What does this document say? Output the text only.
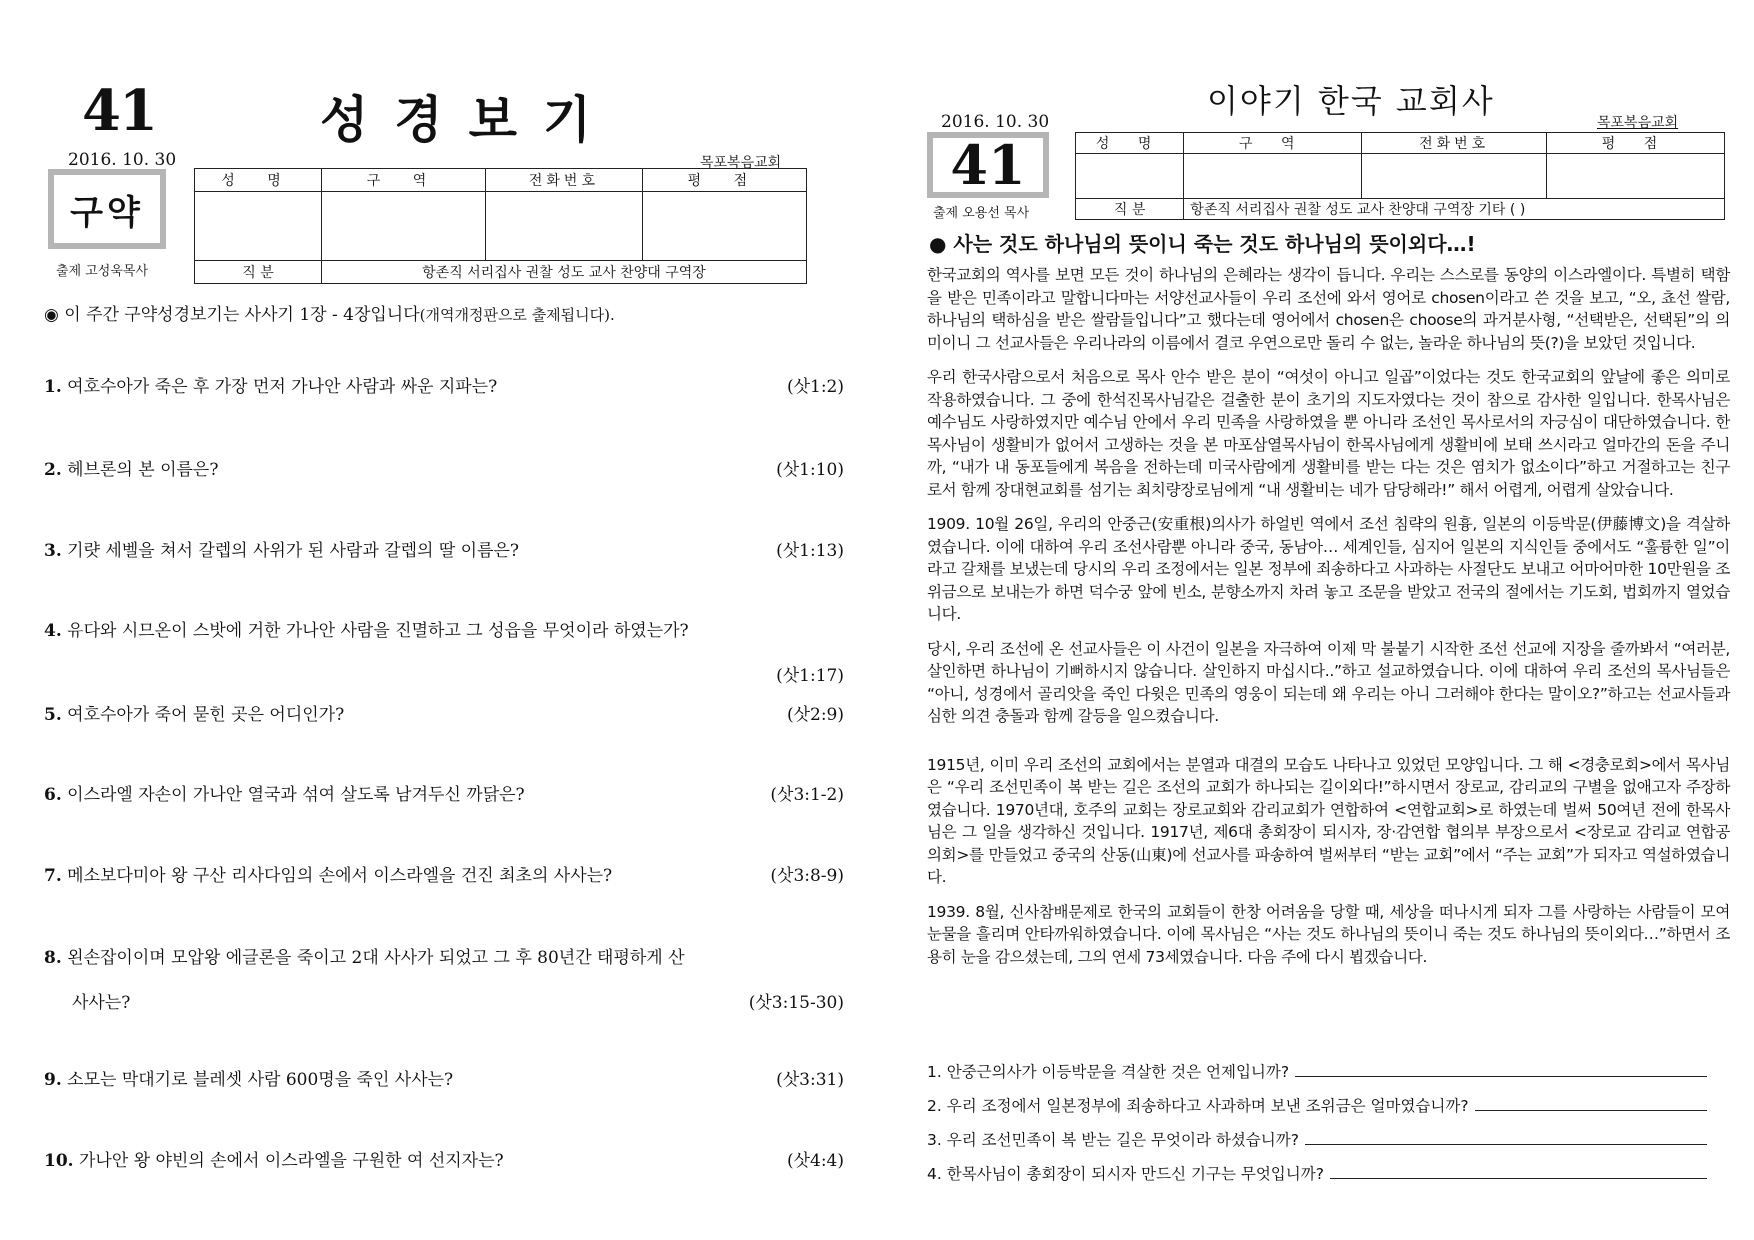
41	성경보기
2016. 10. 30	목포복음교회
구약
출제 고성욱목사
성 명	구 역	전화번호	평 점

직 분	항존직 서리집사 권찰 성도 교사 찬양대 구역장		
◉ 이 주간 구약성경보기는 사사기 1장 - 4장입니다(개역개정판으로 출제됩니다).
1. 여호수아가 죽은 후 가장 먼저 가나안 사람과 싸운 지파는?	(삿1:2)
2. 헤브론의 본 이름은?	(삿1:10)
3. 기럇 세벨을 쳐서 갈렙의 사위가 된 사람과 갈렙의 딸 이름은?	(삿1:13)
4. 유다와 시므온이 스밧에 거한 가나안 사람을 진멸하고 그 성읍을 무엇이라 하였는가?
(삿1:17)
5. 여호수아가 죽어 묻힌 곳은 어디인가?	(삿2:9)
6. 이스라엘 자손이 가나안 열국과 섞여 살도록 남겨두신 까닭은?	(삿3:1-2)
7. 메소보다미아 왕 구산 리사다임의 손에서 이스라엘을 건진 최초의 사사는?	(삿3:8-9)
8. 왼손잡이이며 모압왕 에글론을 죽이고 2대 사사가 되었고 그 후 80년간 태평하게 산
사사는?	(삿3:15-30)
9. 소모는 막대기로 블레셋 사람 600명을 죽인 사사는?	(삿3:31)
10. 가나안 왕 야빈의 손에서 이스라엘을 구원한 여 선지자는?	(삿4:4)
이야기 한국 교회사
2016. 10. 30	목포복음교회
41
출제 오용선 목사
성 명	구 역	전화번호	평 점

직 분	항존직 서리집사 권찰 성도 교사 찬양대 구역장 기타 ( )		
● 사는 것도 하나님의 뜻이니 죽는 것도 하나님의 뜻이외다…!

한국교회의 역사를 보면 모든 것이 하나님의 은혜라는 생각이 듭니다. 우리는 스스로를 동양의 이스라엘이다. 특별히 택함을 받은 민족이라고 말합니다마는 서양선교사들이 우리 조선에 와서 영어로 chosen이라고 쓴 것을 보고, “오, 쵸선 쌀람, 하나님의 택하심을 받은 쌀람들입니다”고 했다는데 영어에서 chosen은 choose의 과거분사형, “선택받은, 선택된”의 의미이니 그 선교사들은 우리나라의 이름에서 결코 우연으로만 돌리 수 없는, 놀라운 하나님의 뜻(?)을 보았던 것입니다.

우리 한국사람으로서 처음으로 목사 안수 받은 분이 “여섯이 아니고 일곱”이었다는 것도 한국교회의 앞날에 좋은 의미로 작용하였습니다. 그 중에 한석진목사님같은 걸출한 분이 초기의 지도자였다는 것이 참으로 감사한 일입니다. 한목사님은 예수님도 사랑하였지만 예수님 안에서 우리 민족을 사랑하였을 뿐 아니라 조선인 목사로서의 자긍심이 대단하였습니다. 한목사님이 생활비가 없어서 고생하는 것을 본 마포삼열목사님이 한목사님에게 생활비에 보태 쓰시라고 얼마간의 돈을 주니까, “내가 내 동포들에게 복음을 전하는데 미국사람에게 생활비를 받는 다는 것은 염치가 없소이다”하고 거절하고는 친구로서 함께 장대현교회를 섬기는 최치량장로님에게 “내 생활비는 네가 담당해라!” 해서 어렵게, 어렵게 살았습니다.

1909. 10월 26일, 우리의 안중근(安重根)의사가 하얼빈 역에서 조선 침략의 원흉, 일본의 이등박문(伊藤博文)을 격살하였습니다. 이에 대하여 우리 조선사람뿐 아니라 중국, 동남아… 세계인들, 심지어 일본의 지식인들 중에서도 “훌륭한 일”이라고 갈채를 보냈는데 당시의 우리 조정에서는 일본 정부에 죄송하다고 사과하는 사절단도 보내고 어마어마한 10만원을 조위금으로 보내는가 하면 덕수궁 앞에 빈소, 분향소까지 차려 놓고 조문을 받았고 전국의 절에서는 기도회, 법회까지 열었습니다.

당시, 우리 조선에 온 선교사들은 이 사건이 일본을 자극하여 이제 막 불붙기 시작한 조선 선교에 지장을 줄까봐서 “여러분, 살인하면 하나님이 기뻐하시지 않습니다. 살인하지 마십시다..”하고 설교하였습니다. 이에 대하여 우리 조선의 목사님들은 “아니, 성경에서 골리앗을 죽인 다윗은 민족의 영웅이 되는데 왜 우리는 아니 그러해야 한다는 말이오?”하고는 선교사들과 심한 의견 충돌과 함께 갈등을 일으켰습니다.

1915년, 이미 우리 조선의 교회에서는 분열과 대결의 모습도 나타나고 있었던 모양입니다. 그 해 <경충로회>에서 목사님은 “우리 조선민족이 복 받는 길은 조선의 교회가 하나되는 길이외다!”하시면서 장로교, 감리교의 구별을 없애고자 주장하였습니다. 1970년대, 호주의 교회는 장로교회와 감리교회가 연합하여 <연합교회>로 하였는데 벌써 50여년 전에 한목사님은 그 일을 생각하신 것입니다. 1917년, 제6대 총회장이 되시자, 장·감연합 협의부 부장으로서 <장로교 감리교 연합공의회>를 만들었고 중국의 산동(山東)에 선교사를 파송하여 벌써부터 “받는 교회”에서 “주는 교회”가 되자고 역설하였습니다.

1939. 8월, 신사참배문제로 한국의 교회들이 한창 어려움을 당할 때, 세상을 떠나시게 되자 그를 사랑하는 사람들이 모여 눈물을 흘리며 안타까워하였습니다. 이에 목사님은 “사는 것도 하나님의 뜻이니 죽는 것도 하나님의 뜻이외다…”하면서 조용히 눈을 감으셨는데, 그의 연세 73세였습니다. 다음 주에 다시 뵙겠습니다.

1. 안중근의사가 이등박문을 격살한 것은 언제입니까?
2. 우리 조정에서 일본정부에 죄송하다고 사과하며 보낸 조위금은 얼마였습니까?
3. 우리 조선민족이 복 받는 길은 무엇이라 하셨습니까?
4. 한목사님이 총회장이 되시자 만드신 기구는 무엇입니까?
